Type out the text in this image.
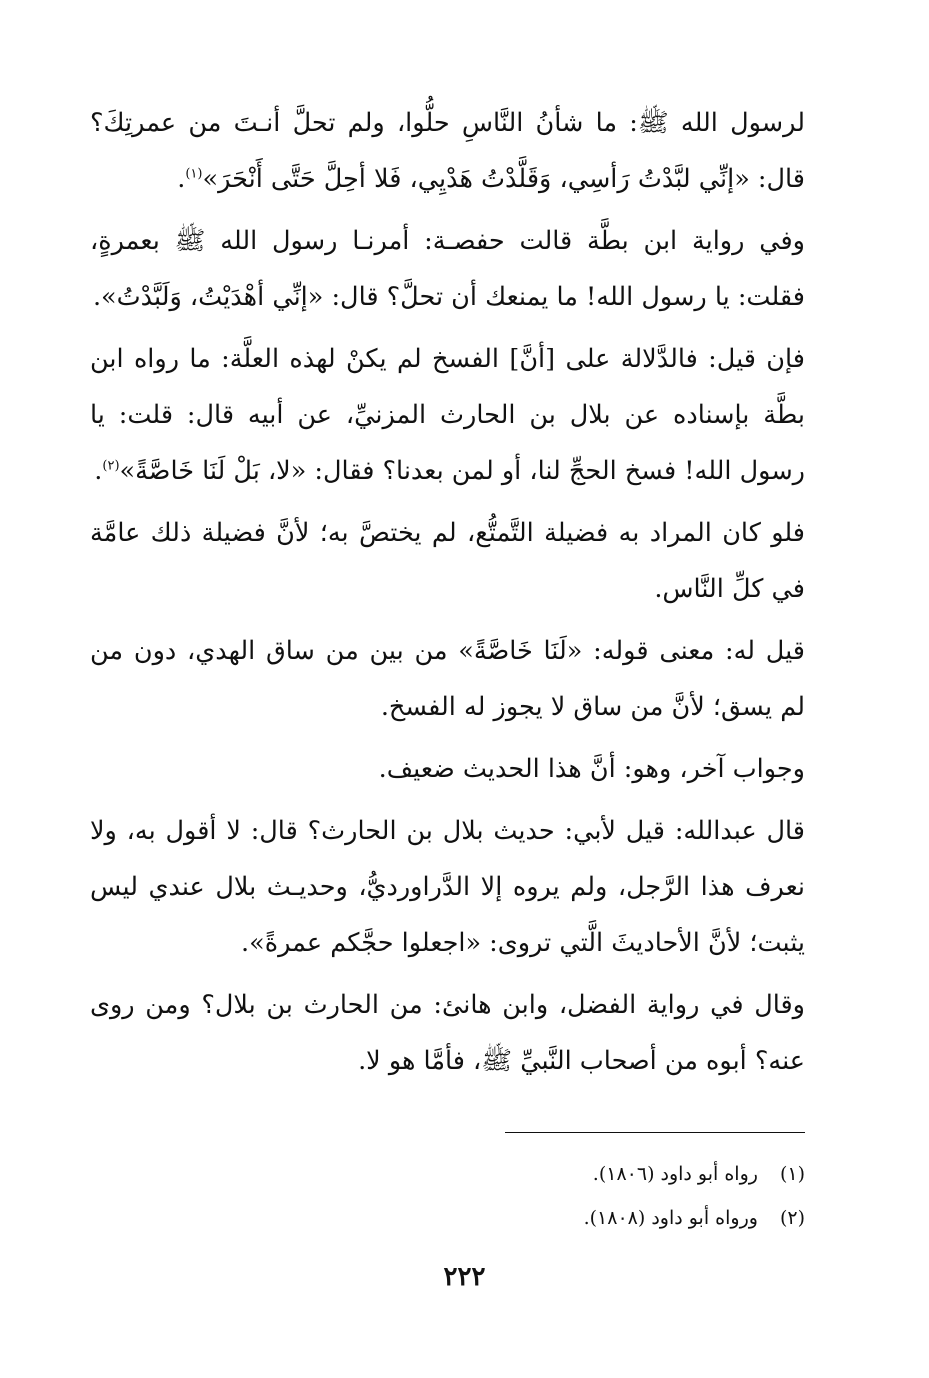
لرسول الله ﷺ: ما شأنُ النَّاسِ حلُّوا، ولم تحلَّ أنـتَ من عمرتِكَ؟ قال: «إنِّي لبَّدْتُ رَأسِي، وَقَلَّدْتُ هَدْيِي، فَلا أحِلَّ حَتَّى أَنْحَرَ»$^{(١)}$.

وفي رواية ابن بطَّة قالت حفصـة: أمرنـا رسول الله ﷺ بعمرةٍ، فقلت: يا رسول الله! ما يمنعك أن تحلَّ؟ قال: «إنِّي أهْدَيْتُ، وَلَبَّدْتُ».

فإن قيل: فالدَّلالة على [أنَّ] الفسخ لم يكنْ لهذه العلَّة: ما رواه ابن بطَّة بإسناده عن بلال بن الحارث المزنيِّ، عن أبيه قال: قلت: يا رسول الله! فسخ الحجِّ لنا، أو لمن بعدنا؟ فقال: «لا، بَلْ لَنَا خَاصَّةً»$^{(٢)}$.

فلو كان المراد به فضيلة التَّمتُّع، لم يختصَّ به؛ لأنَّ فضيلة ذلك عامَّة في كلِّ النَّاس.

قيل له: معنى قوله: «لَنَا خَاصَّةً» من بين من ساق الهدي، دون من لم يسق؛ لأنَّ من ساق لا يجوز له الفسخ.

وجواب آخر، وهو: أنَّ هذا الحديث ضعيف.

قال عبدالله: قيل لأبي: حديث بلال بن الحارث؟ قال: لا أقول به، ولا نعرف هذا الرَّجل، ولم يروه إلا الدَّراورديُّ، وحديـث بلال عندي ليس يثبت؛ لأنَّ الأحاديثَ الَّتي تروى: «اجعلوا حجَّكم عمرةً».

وقال في رواية الفضل، وابن هانئ: من الحارث بن بلال؟ ومن روى عنه؟ أبوه من أصحاب النَّبيِّ ﷺ، فأمَّا هو لا.

(١)
رواه أبو داود (١٨٠٦).
(٢)
ورواه أبو داود (١٨٠٨).
٢٢٢
